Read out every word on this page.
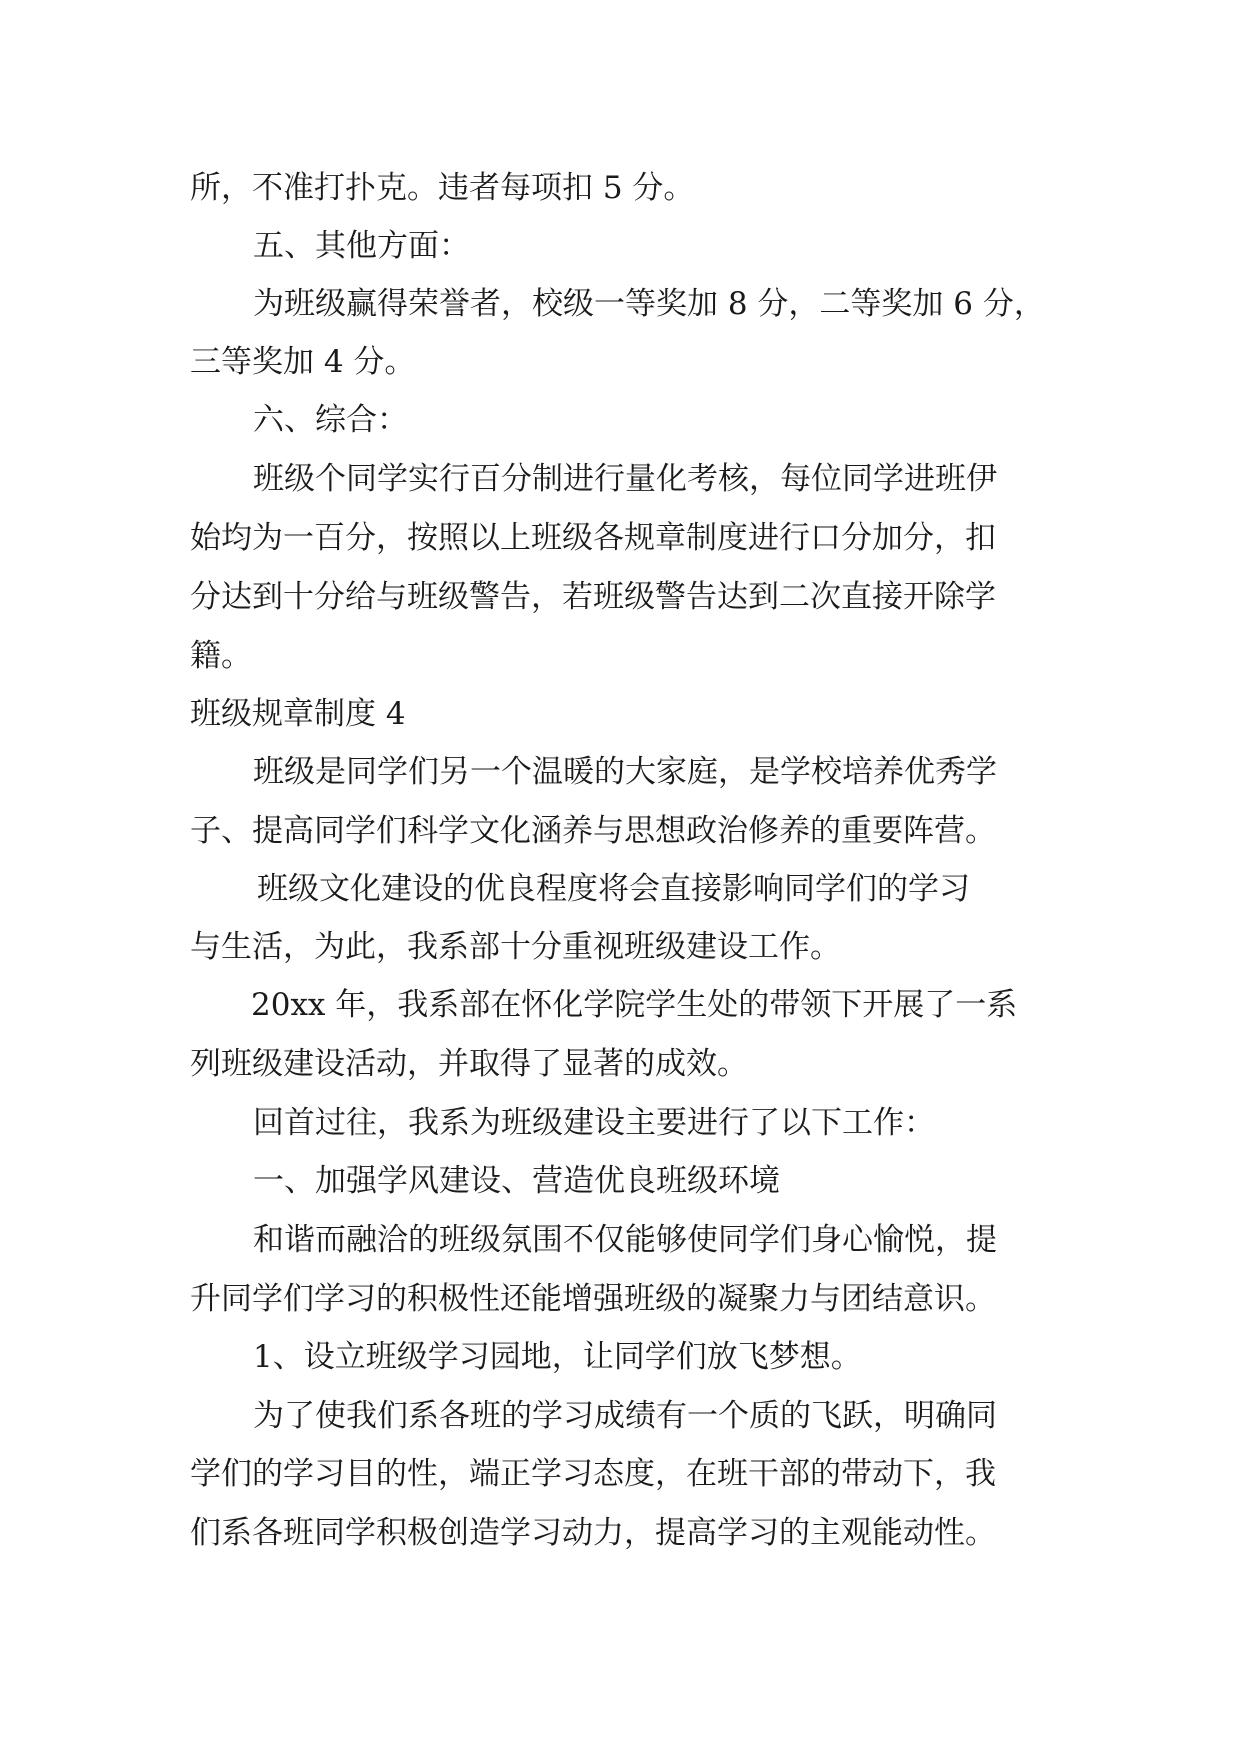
所，不准打扑克。违者每项扣 5 分。
五、其他方面：
为班级赢得荣誉者，校级一等奖加 8 分，二等奖加 6 分，
三等奖加 4 分。
六、综合：
班级个同学实行百分制进行量化考核，每位同学进班伊
始均为一百分，按照以上班级各规章制度进行口分加分，扣
分达到十分给与班级警告，若班级警告达到二次直接开除学
籍。
班级规章制度 4
班级是同学们另一个温暖的大家庭，是学校培养优秀学
子、提高同学们科学文化涵养与思想政治修养的重要阵营。
班级文化建设的优良程度将会直接影响同学们的学习
与生活，为此，我系部十分重视班级建设工作。
20xx 年，我系部在怀化学院学生处的带领下开展了一系
列班级建设活动，并取得了显著的成效。
回首过往，我系为班级建设主要进行了以下工作：
一、加强学风建设、营造优良班级环境
和谐而融洽的班级氛围不仅能够使同学们身心愉悦，提
升同学们学习的积极性还能增强班级的凝聚力与团结意识。
1、设立班级学习园地，让同学们放飞梦想。
为了使我们系各班的学习成绩有一个质的飞跃，明确同
学们的学习目的性，端正学习态度，在班干部的带动下，我
们系各班同学积极创造学习动力，提高学习的主观能动性。
